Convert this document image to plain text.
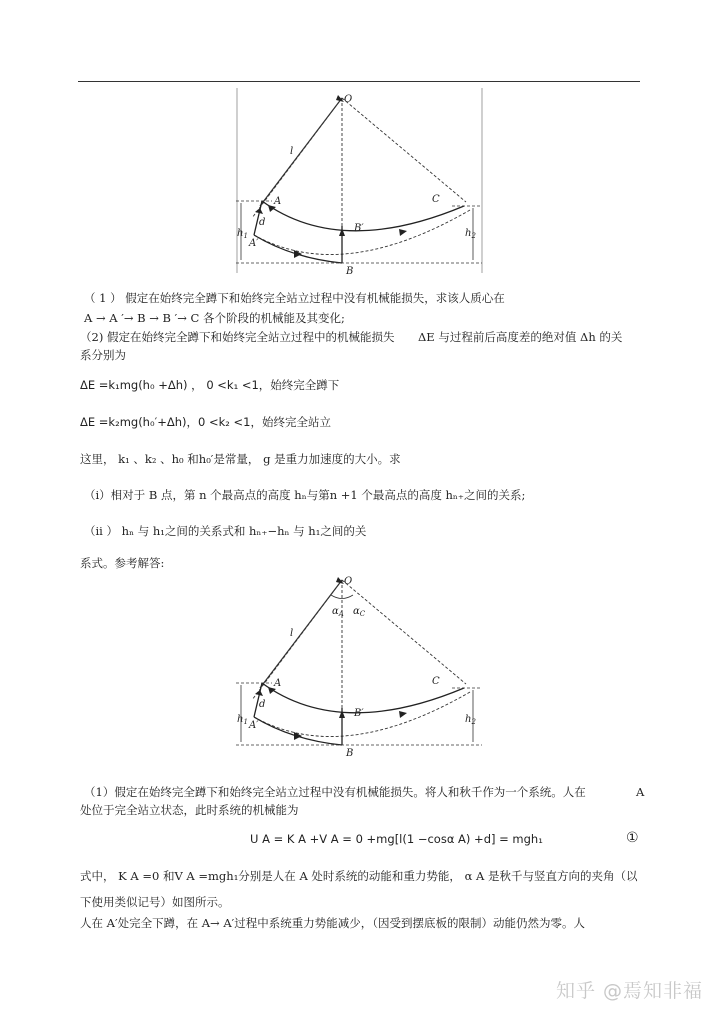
O
l
A
d
A′
B′
B
C
$h_1$	$h_2$
（ 1 ） 假定在始终完全蹲下和始终完全站立过程中没有机械能损失，求该人质心在
A → A ′→ B → B ′→ C 各个阶段的机械能及其变化;
（2) 假定在始终完全蹲下和始终完全站立过程中的机械能损失 ΔE 与过程前后高度差的绝对值 Δh 的关
系分别为
ΔE =k₁mg(h₀ +Δh) ， 0 <k₁ <1，始终完全蹲下
ΔE =k₂mg(h₀′+Δh)，0 <k₂ <1，始终完全站立
这里， k₁ 、k₂ 、h₀ 和h₀′是常量， g 是重力加速度的大小。求
（i）相对于 B 点，第 n 个最高点的高度 hₙ与第n +1 个最高点的高度 hₙ₊之间的关系;
（ii ） hₙ 与 h₁之间的关系式和 hₙ₊−hₙ 与 h₁之间的关
系式。参考解答:
O
$\alpha_A$ $\alpha_C$
l
A
d
A′
B′
B
C
$h_1$	$h_2$
（1）假定在始终完全蹲下和始终完全站立过程中没有机械能损失。将人和秋千作为一个系统。人在	A
处位于完全站立状态，此时系统的机械能为
U A = K A +V A = 0 +mg[l(1 −cosα A) +d] = mgh₁	①
式中， K A =0 和V A =mgh₁分别是人在 A 处时系统的动能和重力势能， α A 是秋千与竖直方向的夹角（以
下使用类似记号）如图所示。
人在 A′处完全下蹲，在 A→ A′过程中系统重力势能减少，（因受到摆底板的限制）动能仍然为零。人
知乎 @焉知非福
